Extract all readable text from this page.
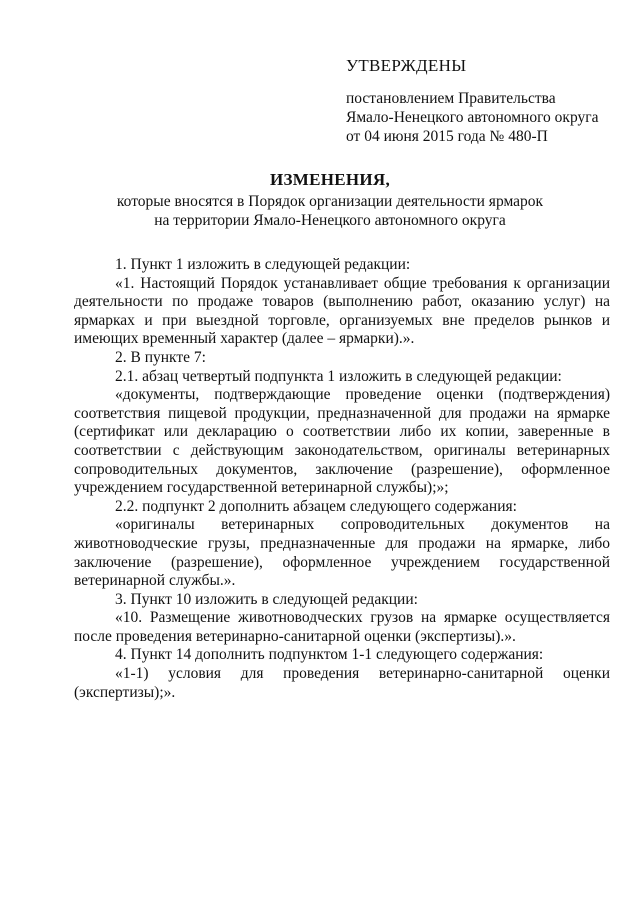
УТВЕРЖДЕНЫ
постановлением Правительства
Ямало-Ненецкого автономного округа
от 04 июня 2015 года № 480-П
ИЗМЕНЕНИЯ,
которые вносятся в Порядок организации деятельности ярмарок
на территории Ямало-Ненецкого автономного округа

1. Пункт 1 изложить в следующей редакции:

«1. Настоящий Порядок устанавливает общие требования к организации деятельности по продаже товаров (выполнению работ, оказанию услуг) на ярмарках и при выездной торговле, организуемых вне пределов рынков и имеющих временный характер (далее – ярмарки).».

2. В пункте 7:

2.1. абзац четвертый подпункта 1 изложить в следующей редакции:

«документы, подтверждающие проведение оценки (подтверждения) соответствия пищевой продукции, предназначенной для продажи на ярмарке (сертификат или декларацию о соответствии либо их копии, заверенные в соответствии с действующим законодательством, оригиналы ветеринарных сопроводительных документов, заключение (разрешение), оформленное учреждением государственной ветеринарной службы);»;

2.2. подпункт 2 дополнить абзацем следующего содержания:

«оригиналы ветеринарных сопроводительных документов на животноводческие грузы, предназначенные для продажи на ярмарке, либо заключение (разрешение), оформленное учреждением государственной ветеринарной службы.».

3. Пункт 10 изложить в следующей редакции:

«10. Размещение животноводческих грузов на ярмарке осуществляется после проведения ветеринарно-санитарной оценки (экспертизы).».

4. Пункт 14 дополнить подпунктом 1-1 следующего содержания:

«1-1) условия для проведения ветеринарно-санитарной оценки (экспертизы);».
